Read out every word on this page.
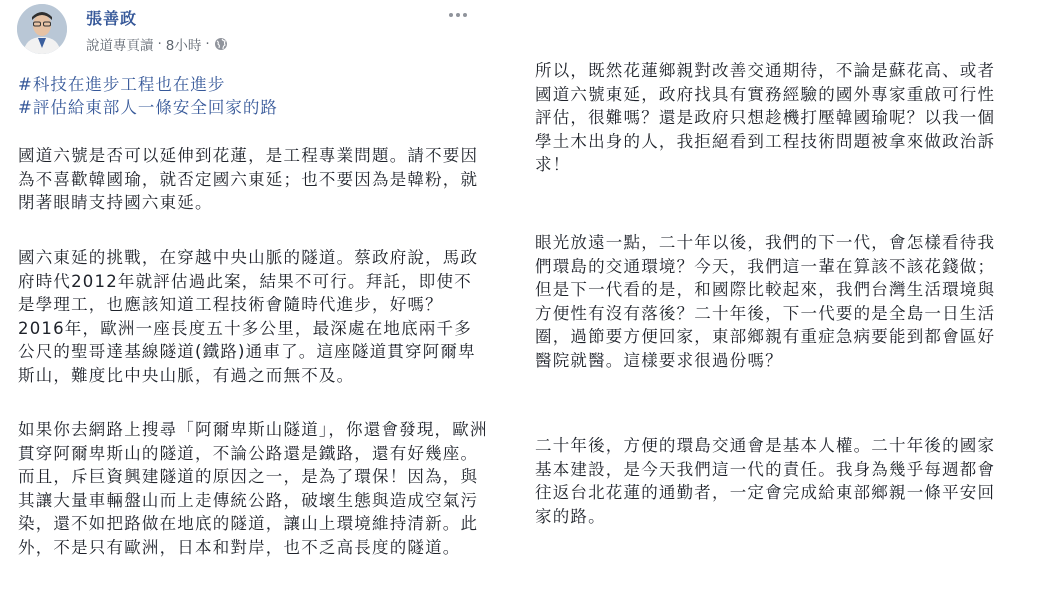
張善政
說道專頁讀 · 8小時 ·
#科技在進步工程也在進步
#評估給東部人一條安全回家的路

國道六號是否可以延伸到花蓮，是工程專業問題。請不要因為不喜歡韓國瑜，就否定國六東延；也不要因為是韓粉，就閉著眼睛支持國六東延。

國六東延的挑戰，在穿越中央山脈的隧道。蔡政府說，馬政府時代2012年就評估過此案，結果不可行。拜託，即使不是學理工，也應該知道工程技術會隨時代進步，好嗎？2016年，歐洲一座長度五十多公里，最深處在地底兩千多公尺的聖哥達基線隧道(鐵路)通車了。這座隧道貫穿阿爾卑斯山，難度比中央山脈，有過之而無不及。

如果你去網路上搜尋「阿爾卑斯山隧道」，你還會發現，歐洲貫穿阿爾卑斯山的隧道，不論公路還是鐵路，還有好幾座。而且，斥巨資興建隧道的原因之一，是為了環保！因為，與其讓大量車輛盤山而上走傳統公路，破壞生態與造成空氣污染，還不如把路做在地底的隧道，讓山上環境維持清新。此外，不是只有歐洲，日本和對岸，也不乏高長度的隧道。

所以，既然花蓮鄉親對改善交通期待，不論是蘇花高、或者國道六號東延，政府找具有實務經驗的國外專家重啟可行性評估，很難嗎？還是政府只想趁機打壓韓國瑜呢？以我一個學土木出身的人，我拒絕看到工程技術問題被拿來做政治訴求！

眼光放遠一點，二十年以後，我們的下一代，會怎樣看待我們環島的交通環境？今天，我們這一輩在算該不該花錢做；但是下一代看的是，和國際比較起來，我們台灣生活環境與方便性有沒有落後？二十年後，下一代要的是全島一日生活圈，過節要方便回家，東部鄉親有重症急病要能到都會區好醫院就醫。這樣要求很過份嗎？

二十年後，方便的環島交通會是基本人權。二十年後的國家基本建設，是今天我們這一代的責任。我身為幾乎每週都會往返台北花蓮的通勤者，一定會完成給東部鄉親一條平安回家的路。
